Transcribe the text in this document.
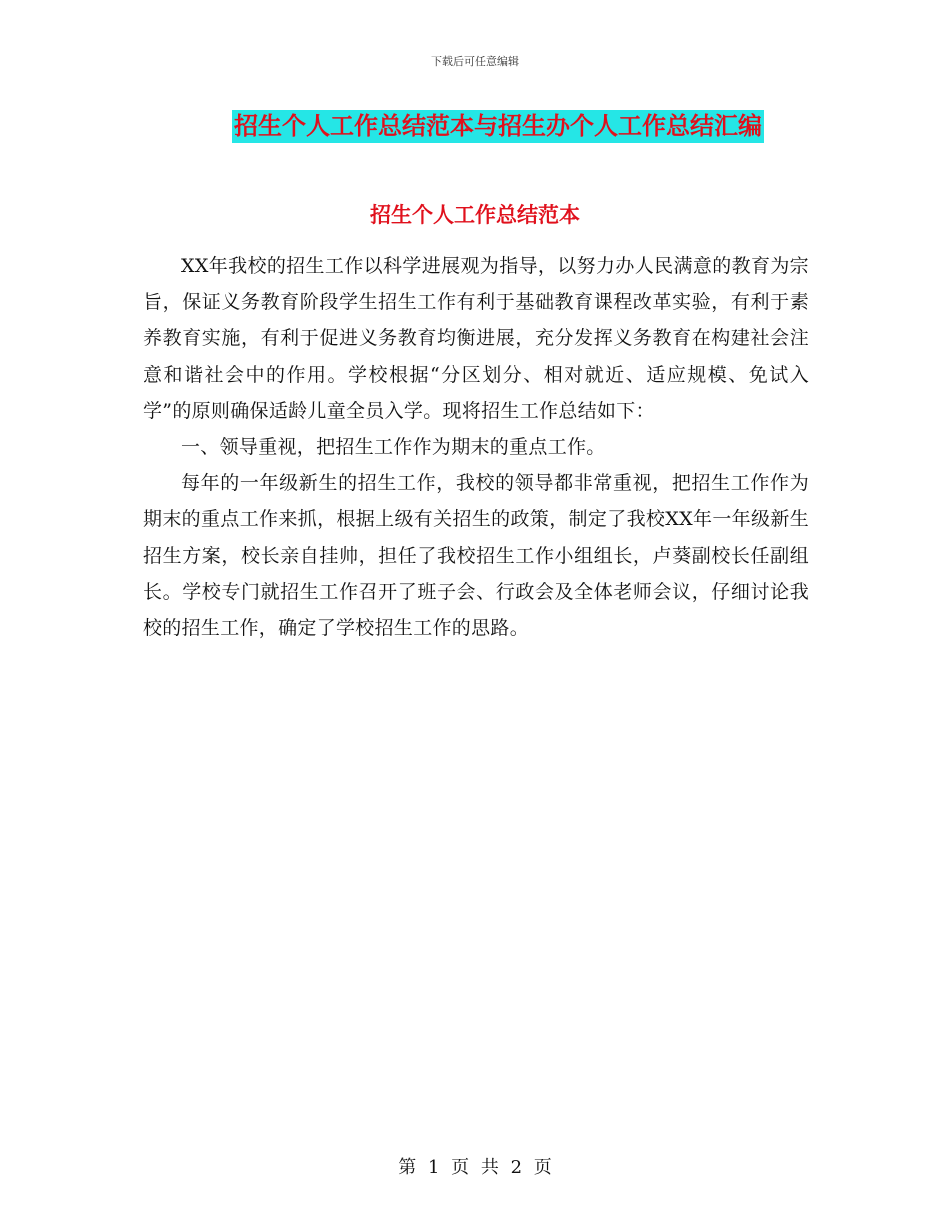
下载后可任意编辑
招生个人工作总结范本与招生办个人工作总结汇编
招生个人工作总结范本

XX年我校的招生工作以科学进展观为指导，以努力办人民满意的教育为宗旨，保证义务教育阶段学生招生工作有利于基础教育课程改革实验，有利于素养教育实施，有利于促进义务教育均衡进展，充分发挥义务教育在构建社会注意和谐社会中的作用。学校根据“分区划分、相对就近、适应规模、免试入学”的原则确保适龄儿童全员入学。现将招生工作总结如下：

一、领导重视，把招生工作作为期末的重点工作。

每年的一年级新生的招生工作，我校的领导都非常重视，把招生工作作为期末的重点工作来抓，根据上级有关招生的政策，制定了我校XX年一年级新生招生方案，校长亲自挂帅，担任了我校招生工作小组组长，卢葵副校长任副组长。学校专门就招生工作召开了班子会、行政会及全体老师会议，仔细讨论我校的招生工作，确定了学校招生工作的思路。

第 1 页 共 2 页
